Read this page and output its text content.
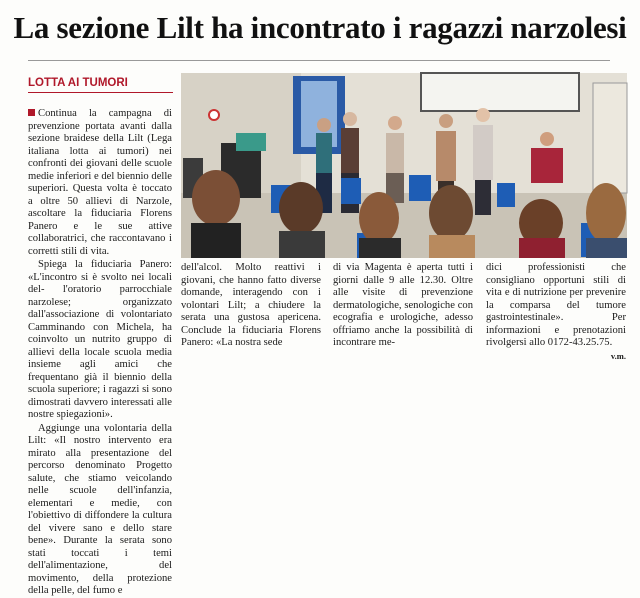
La sezione Lilt ha incontrato i ragazzi narzolesi
LOTTA AI TUMORI

Continua la campagna di prevenzione portata avanti dalla sezione braidese della Lilt (Lega italiana lotta ai tumori) nei confronti dei giovani delle scuole medie inferiori e del biennio delle superiori. Questa volta è toccato a oltre 50 allievi di Narzole, ascoltare la fiduciaria Florens Panero e le sue attive collaboratrici, che raccontavano i corretti stili di vita.

Spiega la fiduciaria Panero: «L'incontro si è svolto nei locali del- l'oratorio parrocchiale narzolese; organizzato dall'associazione di volontariato Camminando con Michela, ha coinvolto un nutrito gruppo di allievi della locale scuola media insieme agli amici che frequentano già il biennio della scuola superiore; i ragazzi si sono dimostrati davvero interessati alle nostre spiegazioni».

Aggiunge una volontaria della Lilt: «Il nostro intervento era mirato alla presentazione del percorso denominato Progetto salute, che stiamo veicolando nelle scuole dell'infanzia, elementari e medie, con l'obiettivo di diffondere la cultura del vivere sano e dello stare bene». Durante la serata sono stati toccati i temi dell'alimentazione, del movimento, della protezione della pelle, del fumo e

dell'alcol. Molto reattivi i giovani, che hanno fatto diverse domande, interagendo con i volontari Lilt; a chiudere la serata una gustosa apericena. Conclude la fiduciaria Florens Panero: «La nostra sede
di via Magenta è aperta tutti i giorni dalle 9 alle 12.30. Oltre alle visite di prevenzione dermatologiche, senologiche con ecografia e urologiche, adesso offriamo anche la possibilità di incontrare me-
dici professionisti che consigliano opportuni stili di vita e di nutrizione per prevenire la comparsa del tumore gastrointestinale». Per informazioni e prenotazioni rivolgersi allo 0172-43.25.75.
v.m.
